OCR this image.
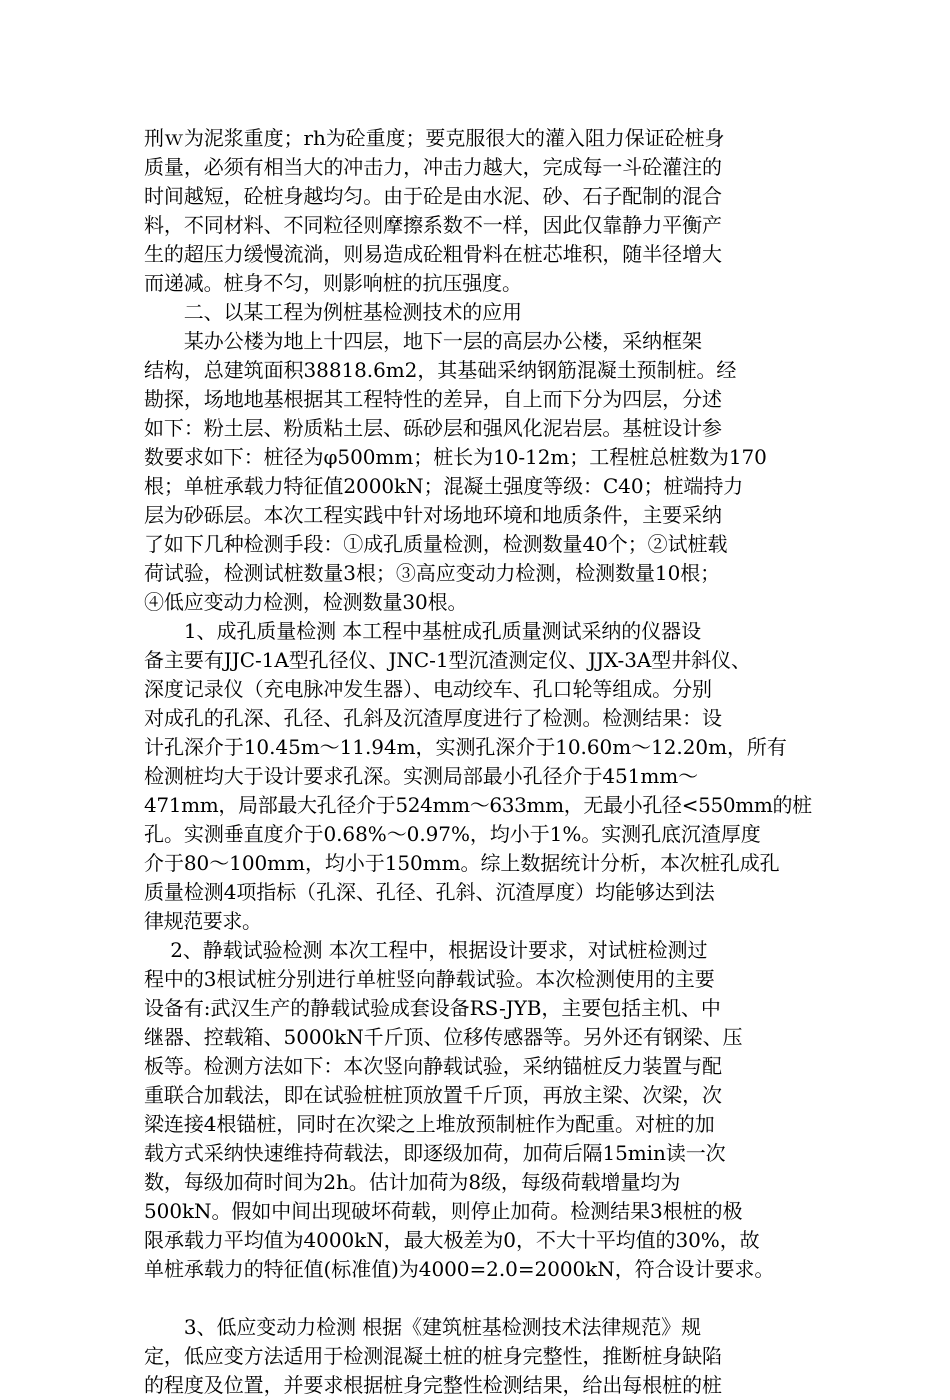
刑ｗ为泥浆重度；rh为砼重度；要克服很大的灌入阻力保证砼桩身
质量，必须有相当大的冲击力，冲击力越大，完成每一斗砼灌注的
时间越短，砼桩身越均匀。由于砼是由水泥、砂、石子配制的混合
料，不同材料、不同粒径则摩擦系数不一样，因此仅靠静力平衡产
生的超压力缓慢流淌，则易造成砼粗骨料在桩芯堆积，随半径增大
而递减。桩身不匀，则影响桩的抗压强度。
　　二、以某工程为例桩基检测技术的应用
　　某办公楼为地上十四层，地下一层的高层办公楼，采纳框架
结构，总建筑面积38818.6m2，其基础采纳钢筋混凝土预制桩。经
勘探，场地地基根据其工程特性的差异，自上而下分为四层，分述
如下：粉土层、粉质粘土层、砾砂层和强风化泥岩层。基桩设计参
数要求如下：桩径为φ500mm；桩长为10-12m；工程桩总桩数为170
根；单桩承载力特征值2000kN；混凝土强度等级：C40；桩端持力
层为砂砾层。本次工程实践中针对场地环境和地质条件，主要采纳
了如下几种检测手段：①成孔质量检测，检测数量40个；②试桩载
荷试验，检测试桩数量3根；③高应变动力检测，检测数量10根；
④低应变动力检测，检测数量30根。
　　1、成孔质量检测 本工程中基桩成孔质量测试采纳的仪器设
备主要有JJC-1A型孔径仪、JNC-1型沉渣测定仪、JJX-3A型井斜仪、
深度记录仪（充电脉冲发生器）、电动绞车、孔口轮等组成。分别
对成孔的孔深、孔径、孔斜及沉渣厚度进行了检测。检测结果：设
计孔深介于10.45m～11.94m，实测孔深介于10.60m～12.20m，所有
检测桩均大于设计要求孔深。实测局部最小孔径介于451mm～
471mm，局部最大孔径介于524mm～633mm，无最小孔径<550mm的桩
孔。实测垂直度介于0.68%～0.97%，均小于1%。实测孔底沉渣厚度
介于80～100mm，均小于150mm。综上数据统计分析，本次桩孔成孔
质量检测4项指标（孔深、孔径、孔斜、沉渣厚度）均能够达到法
律规范要求。
　 2、静载试验检测 本次工程中，根据设计要求，对试桩检测过
程中的3根试桩分别进行单桩竖向静载试验。本次检测使用的主要
设备有:武汉生产的静载试验成套设备RS-JYB，主要包括主机、中
继器、控载箱、5000kN千斤顶、位移传感器等。另外还有钢梁、压
板等。检测方法如下：本次竖向静载试验，采纳锚桩反力装置与配
重联合加载法，即在试验桩桩顶放置千斤顶，再放主梁、次梁，次
梁连接4根锚桩，同时在次梁之上堆放预制桩作为配重。对桩的加
载方式采纳快速维持荷载法，即逐级加荷，加荷后隔15min读一次
数，每级加荷时间为2h。估计加荷为8级，每级荷载增量均为
500kN。假如中间出现破坏荷载，则停止加荷。检测结果3根桩的极
限承载力平均值为4000kN，最大极差为0，不大十平均值的30%，故
单桩承载力的特征值(标准值)为4000=2.0=2000kN，符合设计要求。
　　3、低应变动力检测 根据《建筑桩基检测技术法律规范》规
定，低应变方法适用于检测混凝土桩的桩身完整性，推断桩身缺陷
的程度及位置，并要求根据桩身完整性检测结果，给出每根桩的桩
